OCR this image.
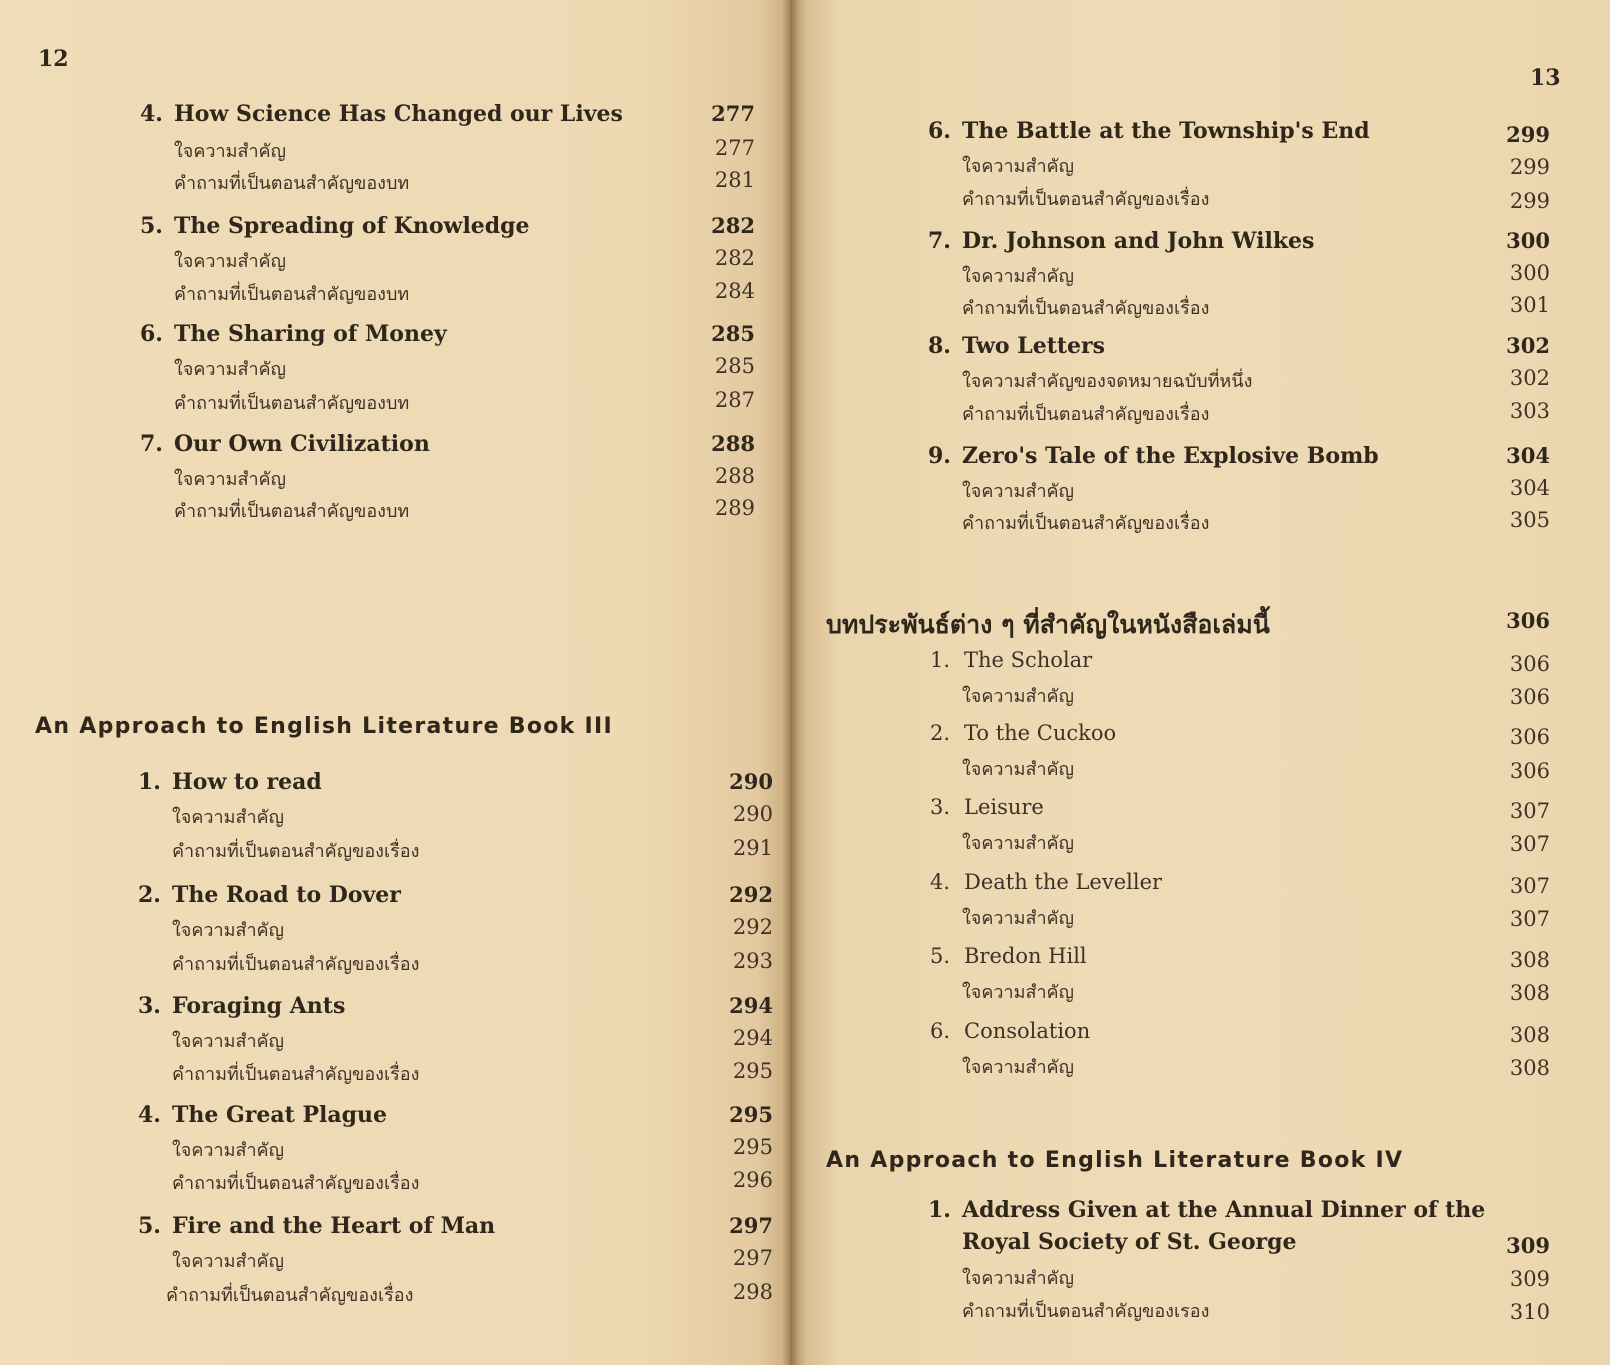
12
4. How Science Has Changed our Lives	277
ใจความสำคัญ	277
คำถามที่เป็นตอนสำคัญของบท	281
5. The Spreading of Knowledge	282
ใจความสำคัญ	282
คำถามที่เป็นตอนสำคัญของบท	284
6. The Sharing of Money	285
ใจความสำคัญ	285
คำถามที่เป็นตอนสำคัญของบท	287
7. Our Own Civilization	288
ใจความสำคัญ	288
คำถามที่เป็นตอนสำคัญของบท	289
An Approach to English Literature Book III
1. How to read	290
ใจความสำคัญ	290
คำถามที่เป็นตอนสำคัญของเรื่อง	291
2. The Road to Dover	292
ใจความสำคัญ	292
คำถามที่เป็นตอนสำคัญของเรื่อง	293
3. Foraging Ants	294
ใจความสำคัญ	294
คำถามที่เป็นตอนสำคัญของเรื่อง	295
4. The Great Plague	295
ใจความสำคัญ	295
คำถามที่เป็นตอนสำคัญของเรื่อง	296
5. Fire and the Heart of Man	297
ใจความสำคัญ	297
คำถามที่เป็นตอนสำคัญของเรื่อง	298
13
6. The Battle at the Township's End	299
ใจความสำคัญ	299
คำถามที่เป็นตอนสำคัญของเรื่อง	299
7. Dr. Johnson and John Wilkes	300
ใจความสำคัญ	300
คำถามที่เป็นตอนสำคัญของเรื่อง	301
8. Two Letters	302
ใจความสำคัญของจดหมายฉบับที่หนึ่ง	302
คำถามที่เป็นตอนสำคัญของเรื่อง	303
9. Zero's Tale of the Explosive Bomb	304
ใจความสำคัญ	304
คำถามที่เป็นตอนสำคัญของเรื่อง	305
บทประพันธ์ต่าง ๆ ที่สำคัญในหนังสือเล่มนี้	306
1. The Scholar	306
ใจความสำคัญ	306
2. To the Cuckoo	306
ใจความสำคัญ	306
3. Leisure	307
ใจความสำคัญ	307
4. Death the Leveller	307
ใจความสำคัญ	307
5. Bredon Hill	308
ใจความสำคัญ	308
6. Consolation	308
ใจความสำคัญ	308
An Approach to English Literature Book IV
1. Address Given at the Annual Dinner of the
Royal Society of St. George	309
ใจความสำคัญ	309
คำถามที่เป็นตอนสำคัญของเรอง	310
